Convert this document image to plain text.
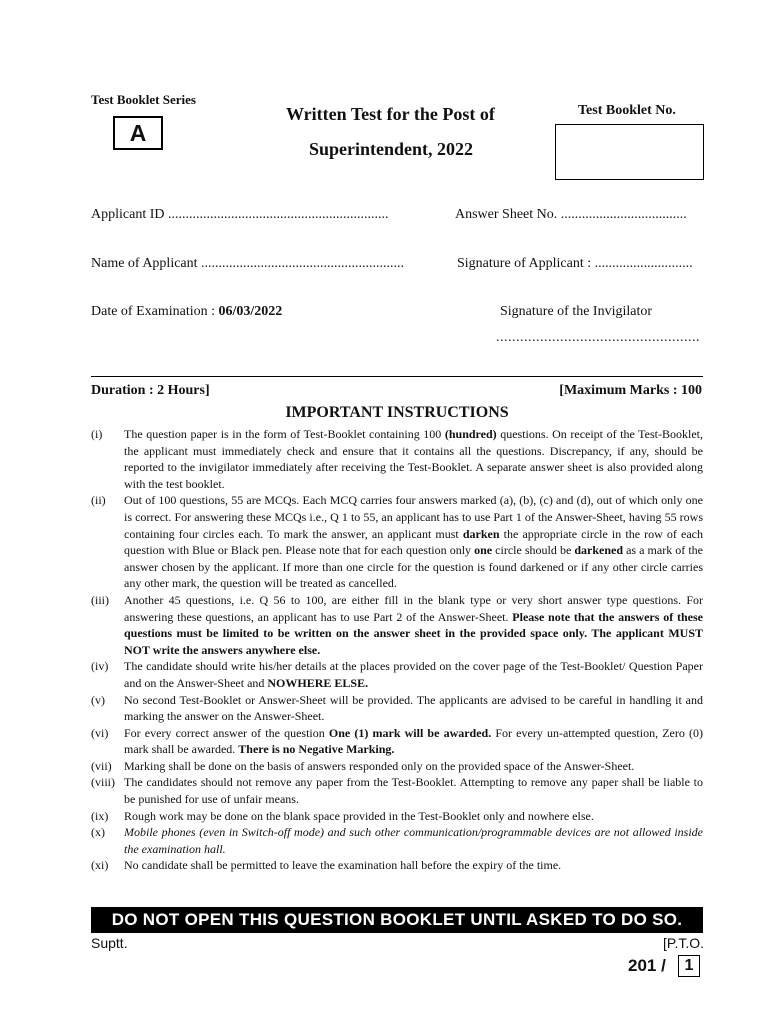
Test Booklet Series
A
Written Test for the Post of
Superintendent, 2022
Test Booklet No.
Applicant ID ...............................................................	Answer Sheet No. ....................................
Name of Applicant ..........................................................	Signature of Applicant : ............................
Date of Examination : 06/03/2022	Signature of the Invigilator
...................................................
Duration : 2 Hours]	[Maximum Marks : 100
IMPORTANT INSTRUCTIONS
(i) The question paper is in the form of Test-Booklet containing 100 (hundred) questions. On receipt of the Test-Booklet, the applicant must immediately check and ensure that it contains all the questions. Discrepancy, if any, should be reported to the invigilator immediately after receiving the Test-Booklet. A separate answer sheet is also provided along with the test booklet.
(ii) Out of 100 questions, 55 are MCQs. Each MCQ carries four answers marked (a), (b), (c) and (d), out of which only one is correct. For answering these MCQs i.e., Q 1 to 55, an applicant has to use Part 1 of the Answer-Sheet, having 55 rows containing four circles each. To mark the answer, an applicant must darken the appropriate circle in the row of each question with Blue or Black pen. Please note that for each question only one circle should be darkened as a mark of the answer chosen by the applicant. If more than one circle for the question is found darkened or if any other circle carries any other mark, the question will be treated as cancelled.
(iii) Another 45 questions, i.e. Q 56 to 100, are either fill in the blank type or very short answer type questions. For answering these questions, an applicant has to use Part 2 of the Answer-Sheet. Please note that the answers of these questions must be limited to be written on the answer sheet in the provided space only. The applicant MUST NOT write the answers anywhere else.
(iv) The candidate should write his/her details at the places provided on the cover page of the Test-Booklet/ Question Paper and on the Answer-Sheet and NOWHERE ELSE.
(v) No second Test-Booklet or Answer-Sheet will be provided. The applicants are advised to be careful in handling it and marking the answer on the Answer-Sheet.
(vi) For every correct answer of the question One (1) mark will be awarded. For every un-attempted question, Zero (0) mark shall be awarded. There is no Negative Marking.
(vii) Marking shall be done on the basis of answers responded only on the provided space of the Answer-Sheet.
(viii) The candidates should not remove any paper from the Test-Booklet. Attempting to remove any paper shall be liable to be punished for use of unfair means.
(ix) Rough work may be done on the blank space provided in the Test-Booklet only and nowhere else.
(x) Mobile phones (even in Switch-off mode) and such other communication/programmable devices are not allowed inside the examination hall.
(xi) No candidate shall be permitted to leave the examination hall before the expiry of the time.
DO NOT OPEN THIS QUESTION BOOKLET UNTIL ASKED TO DO SO.
Suptt.	[P.T.O.
201 /	1
